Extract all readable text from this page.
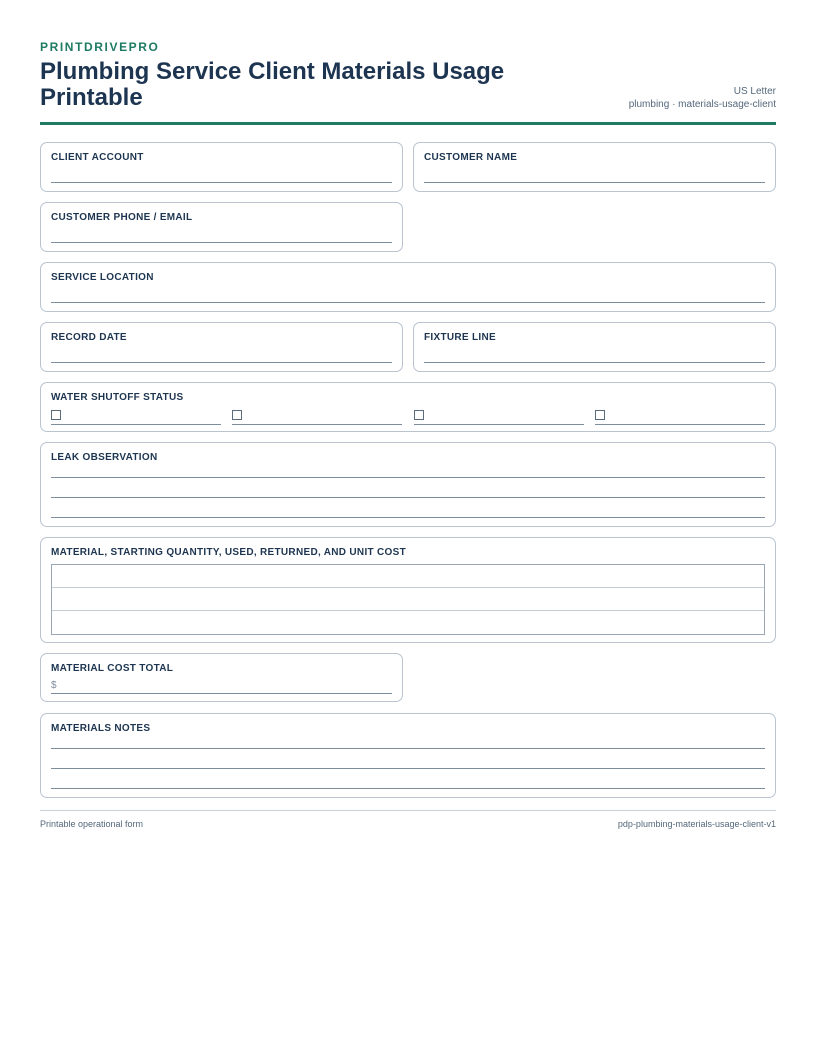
PRINTDRIVEPRO
Plumbing Service Client Materials Usage Printable	US Letter
plumbing · materials-usage-client
CLIENT ACCOUNT	CUSTOMER NAME
CUSTOMER PHONE / EMAIL
SERVICE LOCATION
RECORD DATE	FIXTURE LINE
WATER SHUTOFF STATUS
LEAK OBSERVATION
MATERIAL, STARTING QUANTITY, USED, RETURNED, AND UNIT COST
MATERIAL COST TOTAL
$
MATERIALS NOTES
Printable operational form	pdp-plumbing-materials-usage-client-v1
